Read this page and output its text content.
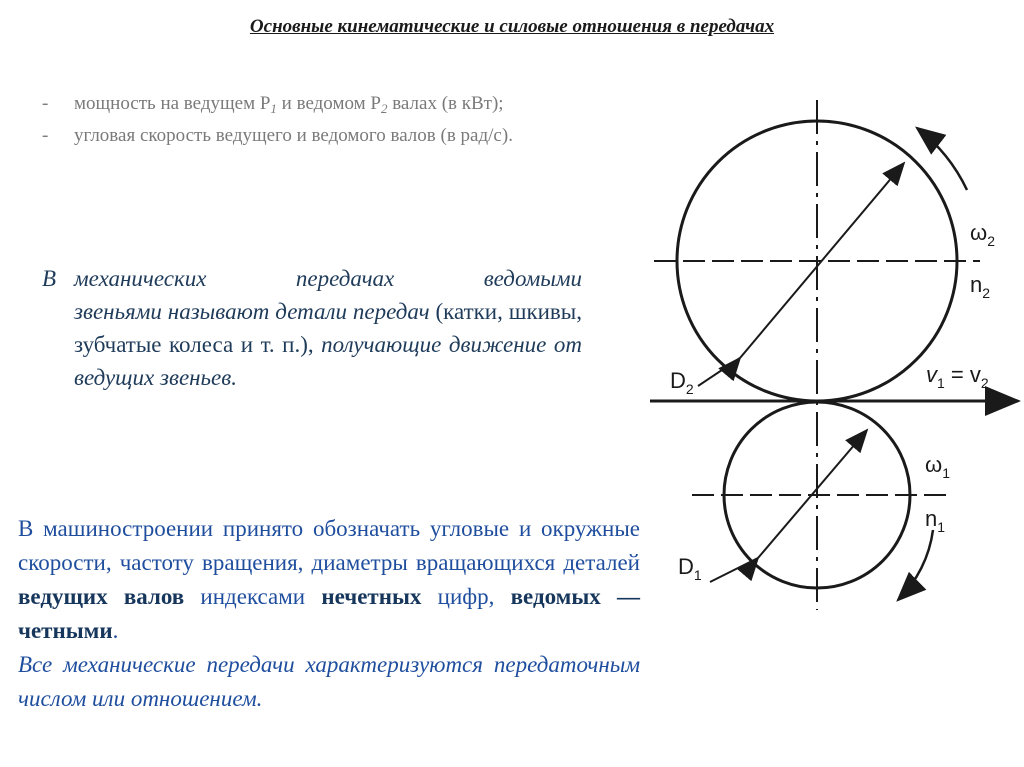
Основные кинематические и силовые отношения в передачах
-	мощность на ведущем $P_1$ и ведомом $P_2$ валах (в кВт);
-	угловая скорость ведущего и ведомого валов (в рад/с).
В механических	передачах	ведомыми
звеньями называют детали передач (катки, шкивы, зубчатые колеса и т. п.), получающие движение от ведущих звеньев.
В машиностроении принято обозначать угловые и окружные скорости, частоту вращения, диаметры вращающихся деталей ведущих валов индексами нечетных цифр, ведомых — четными.
Все механические передачи характеризуются передаточным числом или отношением.
$\omega_2$
$n_2$
$D_2$
$v_1 = v_2$
$\omega_1$
$n_1$
$D_1$
